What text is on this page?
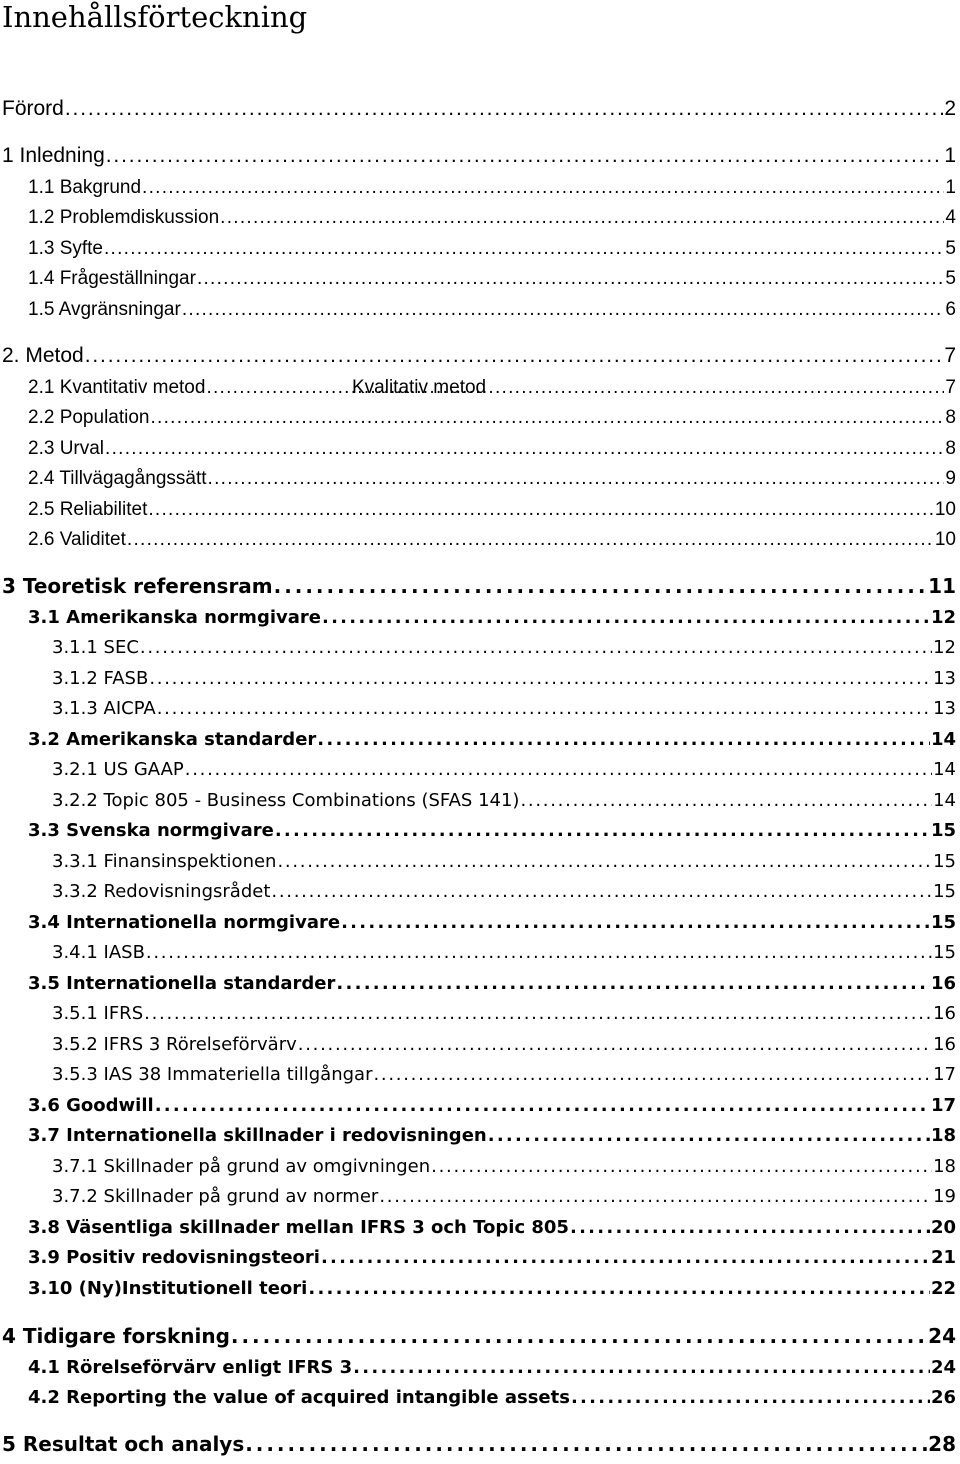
Innehållsförteckning
Kvalitativ metod
Förord . . .	2
1 Inledning . . .	1
1.1 Bakgrund . . .	1
1.2 Problemdiskussion . . .	4
1.3 Syfte . . .	5
1.4 Frågeställningar . . .	5
1.5 Avgränsningar . . .	6
2. Metod . . .	7
2.1 Kvantitativ metod . . .	7
2.2 Population . . .	8
2.3 Urval . . .	8
2.4 Tillvägagångssätt . . .	9
2.5 Reliabilitet . . .	10
2.6 Validitet . . .	10
3 Teoretisk referensram . . .	11
3.1 Amerikanska normgivare . . .	12
3.1.1 SEC . . .	12
3.1.2 FASB . . .	13
3.1.3 AICPA . . .	13
3.2 Amerikanska standarder . . .	14
3.2.1 US GAAP . . .	14
3.2.2 Topic 805 - Business Combinations (SFAS 141) . . .	14
3.3 Svenska normgivare . . .	15
3.3.1 Finansinspektionen . . .	15
3.3.2 Redovisningsrådet . . .	15
3.4 Internationella normgivare . . .	15
3.4.1 IASB . . .	15
3.5 Internationella standarder . . .	16
3.5.1 IFRS . . .	16
3.5.2 IFRS 3 Rörelseförvärv . . .	16
3.5.3 IAS 38 Immateriella tillgångar . . .	17
3.6 Goodwill . . .	17
3.7 Internationella skillnader i redovisningen . . .	18
3.7.1 Skillnader på grund av omgivningen . . .	18
3.7.2 Skillnader på grund av normer . . .	19
3.8 Väsentliga skillnader mellan IFRS 3 och Topic 805 . . .	20
3.9 Positiv redovisningsteori . . .	21
3.10 (Ny)Institutionell teori . . .	22
4 Tidigare forskning . . .	24
4.1 Rörelseförvärv enligt IFRS 3 . . .	24
4.2 Reporting the value of acquired intangible assets . . .	26
5 Resultat och analys . . .	28
